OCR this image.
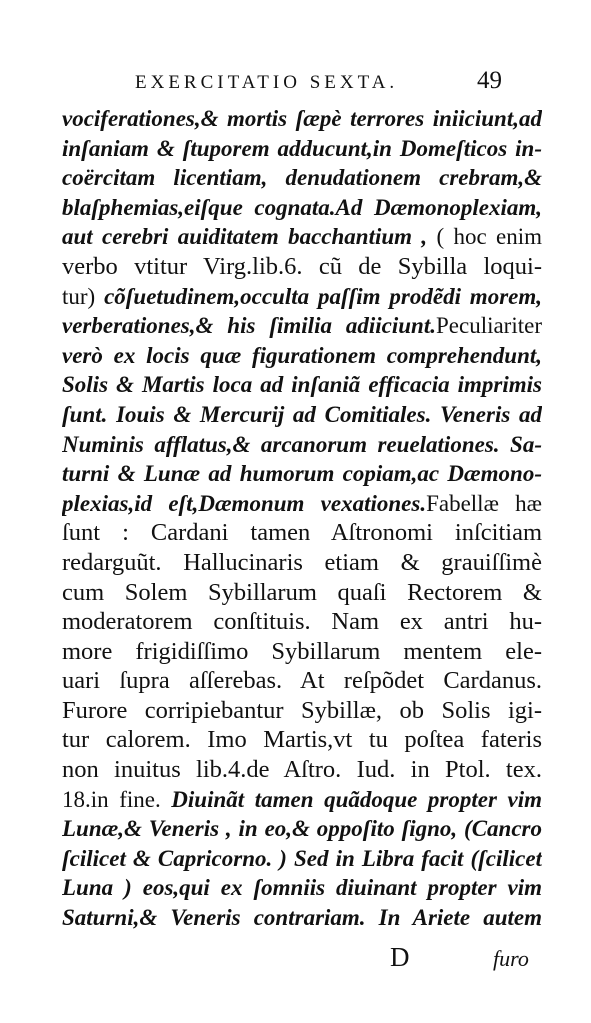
EXERCITATIO SEXTA.	49
vociferationes,& mortis ſæpè terrores iniiciunt,ad
inſaniam & ſtuporem adducunt,in Domeſticos in-
coërcitam licentiam, denudationem crebram,&
blaſphemias,eiſque cognata.Ad Dæmonoplexiam,
aut cerebri auiditatem bacchantium , ( hoc enim
verbo vtitur Virg.lib.6. cũ de Sybilla loqui-
tur) cõſuetudinem,occulta paſſim prodẽdi morem,
verberationes,& his ſimilia adiiciunt.Peculiariter
verò ex locis quæ figurationem comprehendunt,
Solis & Martis loca ad inſaniã efficacia imprimis
ſunt. Iouis & Mercurij ad Comitiales. Veneris ad
Numinis afflatus,& arcanorum reuelationes. Sa-
turni & Lunæ ad humorum copiam,ac Dæmono-
plexias,id eſt,Dæmonum vexationes.Fabellæ hæ
ſunt : Cardani tamen Aſtronomi inſcitiam
redarguũt. Hallucinaris etiam & grauiſſimè
cum Solem Sybillarum quaſi Rectorem &
moderatorem conſtituis. Nam ex antri hu-
more frigidiſſimo Sybillarum mentem ele-
uari ſupra aſſerebas. At reſpõdet Cardanus.
Furore corripiebantur Sybillæ, ob Solis igi-
tur calorem. Imo Martis,vt tu poſtea fateris
non inuitus lib.4.de Aſtro. Iud. in Ptol. tex.
18.in fine. Diuinãt tamen quãdoque propter vim
Lunæ,& Veneris , in eo,& oppoſito ſigno, (Cancro
ſcilicet & Capricorno. ) Sed in Libra facit (ſcilicet
Luna ) eos,qui ex ſomniis diuinant propter vim
Saturni,& Veneris contrariam. In Ariete autem
D	furo
